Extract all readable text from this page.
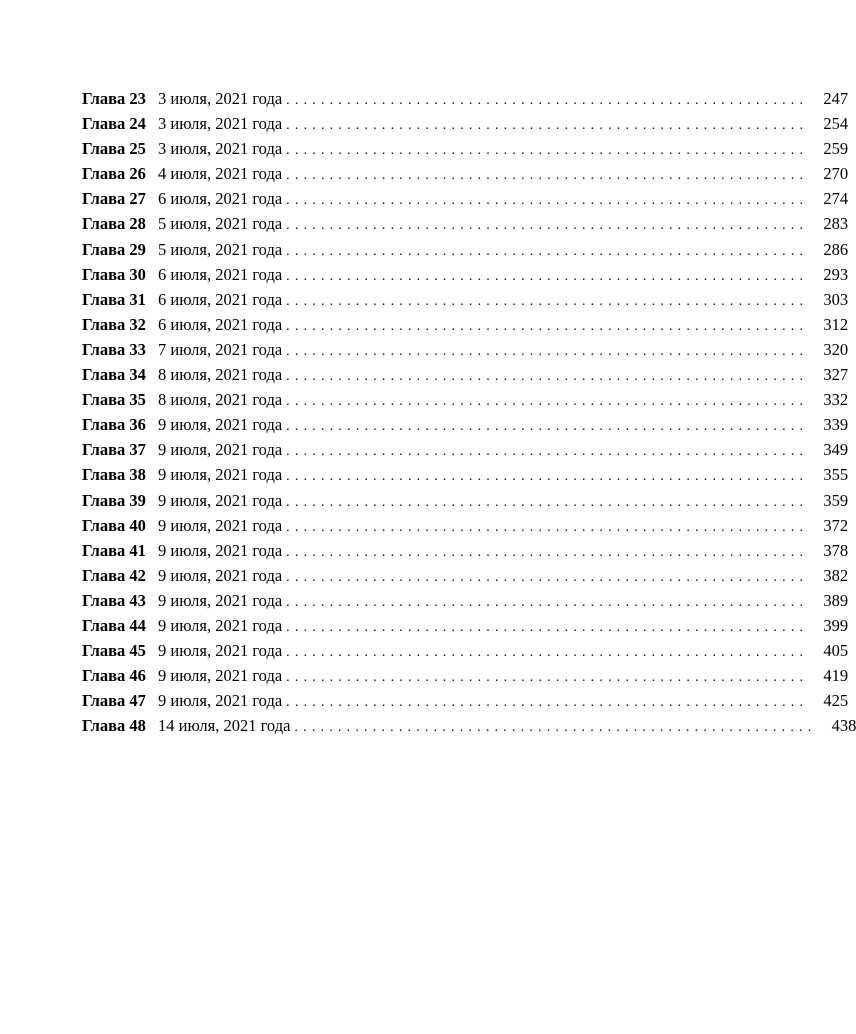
Глава 23 3 июля, 2021 года ............................................................ 247
Глава 24 3 июля, 2021 года ............................................................ 254
Глава 25 3 июля, 2021 года ............................................................ 259
Глава 26 4 июля, 2021 года ............................................................ 270
Глава 27 6 июля, 2021 года ............................................................ 274
Глава 28 5 июля, 2021 года ............................................................ 283
Глава 29 5 июля, 2021 года ............................................................ 286
Глава 30 6 июля, 2021 года ............................................................ 293
Глава 31 6 июля, 2021 года ............................................................ 303
Глава 32 6 июля, 2021 года ............................................................ 312
Глава 33 7 июля, 2021 года ............................................................ 320
Глава 34 8 июля, 2021 года ............................................................ 327
Глава 35 8 июля, 2021 года ............................................................ 332
Глава 36 9 июля, 2021 года ............................................................ 339
Глава 37 9 июля, 2021 года ............................................................ 349
Глава 38 9 июля, 2021 года ............................................................ 355
Глава 39 9 июля, 2021 года ............................................................ 359
Глава 40 9 июля, 2021 года ............................................................ 372
Глава 41 9 июля, 2021 года ............................................................ 378
Глава 42 9 июля, 2021 года ............................................................ 382
Глава 43 9 июля, 2021 года ............................................................ 389
Глава 44 9 июля, 2021 года ............................................................ 399
Глава 45 9 июля, 2021 года ............................................................ 405
Глава 46 9 июля, 2021 года ............................................................ 419
Глава 47 9 июля, 2021 года ............................................................ 425
Глава 48 14 июля, 2021 года ............................................................ 438
